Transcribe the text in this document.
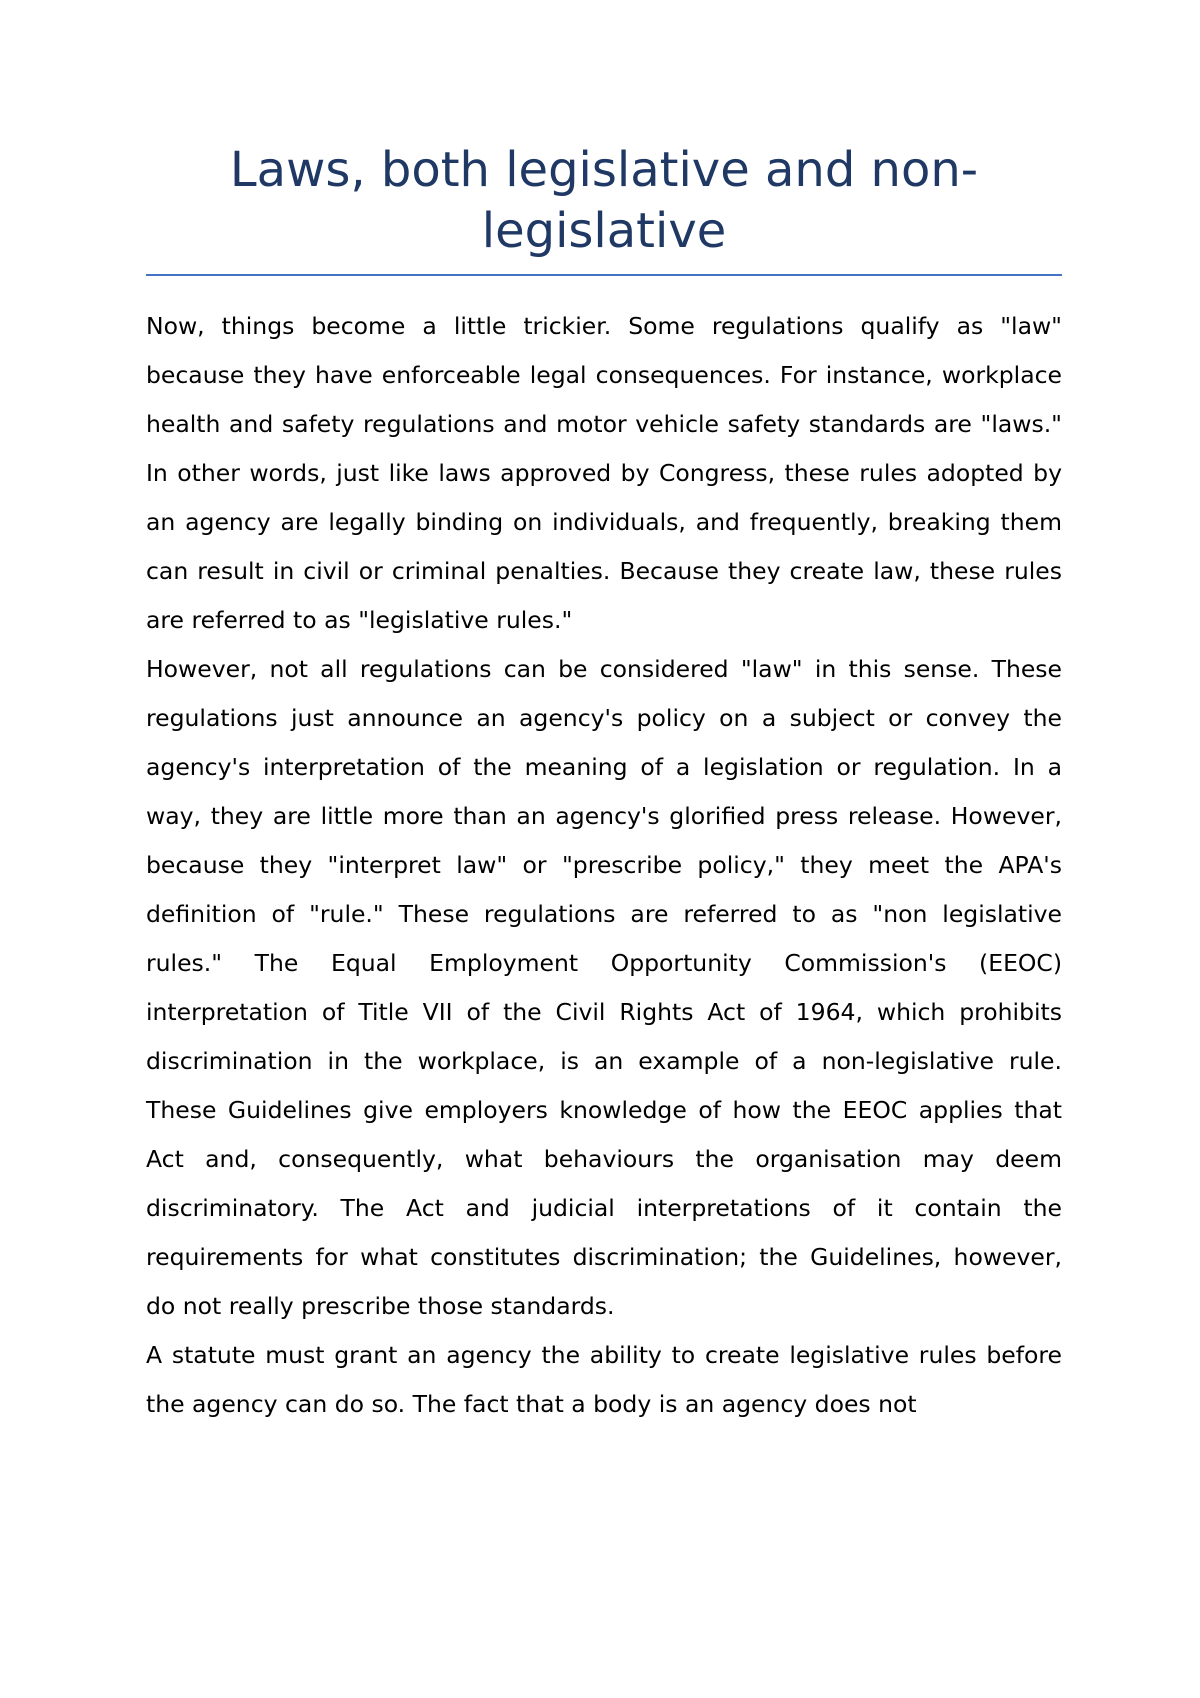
Laws, both legislative and non-legislative

Now, things become a little trickier. Some regulations qualify as "law" because they have enforceable legal consequences. For instance, workplace health and safety regulations and motor vehicle safety standards are "laws." In other words, just like laws approved by Congress, these rules adopted by an agency are legally binding on individuals, and frequently, breaking them can result in civil or criminal penalties. Because they create law, these rules are referred to as "legislative rules."

However, not all regulations can be considered "law" in this sense. These regulations just announce an agency's policy on a subject or convey the agency's interpretation of the meaning of a legislation or regulation. In a way, they are little more than an agency's glorified press release. However, because they "interpret law" or "prescribe policy," they meet the APA's definition of "rule." These regulations are referred to as "non legislative rules." The Equal Employment Opportunity Commission's (EEOC) interpretation of Title VII of the Civil Rights Act of 1964, which prohibits discrimination in the workplace, is an example of a non-legislative rule. These Guidelines give employers knowledge of how the EEOC applies that Act and, consequently, what behaviours the organisation may deem discriminatory. The Act and judicial interpretations of it contain the requirements for what constitutes discrimination; the Guidelines, however, do not really prescribe those standards.

A statute must grant an agency the ability to create legislative rules before the agency can do so. The fact that a body is an agency does not
